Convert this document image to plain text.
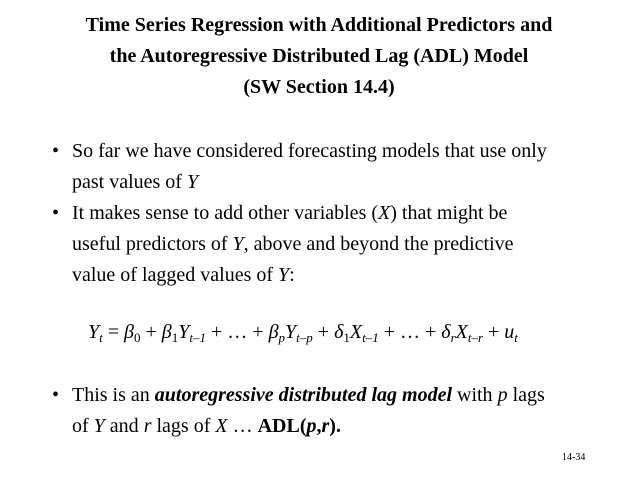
Time Series Regression with Additional Predictors and
the Autoregressive Distributed Lag (ADL) Model
(SW Section 14.4)
• So far we have considered forecasting models that use only
past values of Y
• It makes sense to add other variables (X) that might be
useful predictors of Y, above and beyond the predictive
value of lagged values of Y:
$Y_t = \beta_0 + \beta_1Y_{t-1}$ + … + $\beta_pY_{t-p} + \delta_1X_{t-1}$ + … + $\delta_rX_{t-r} + u_t$
• This is an autoregressive distributed lag model with p lags
of Y and r lags of X … ADL(p,r).
14-34
